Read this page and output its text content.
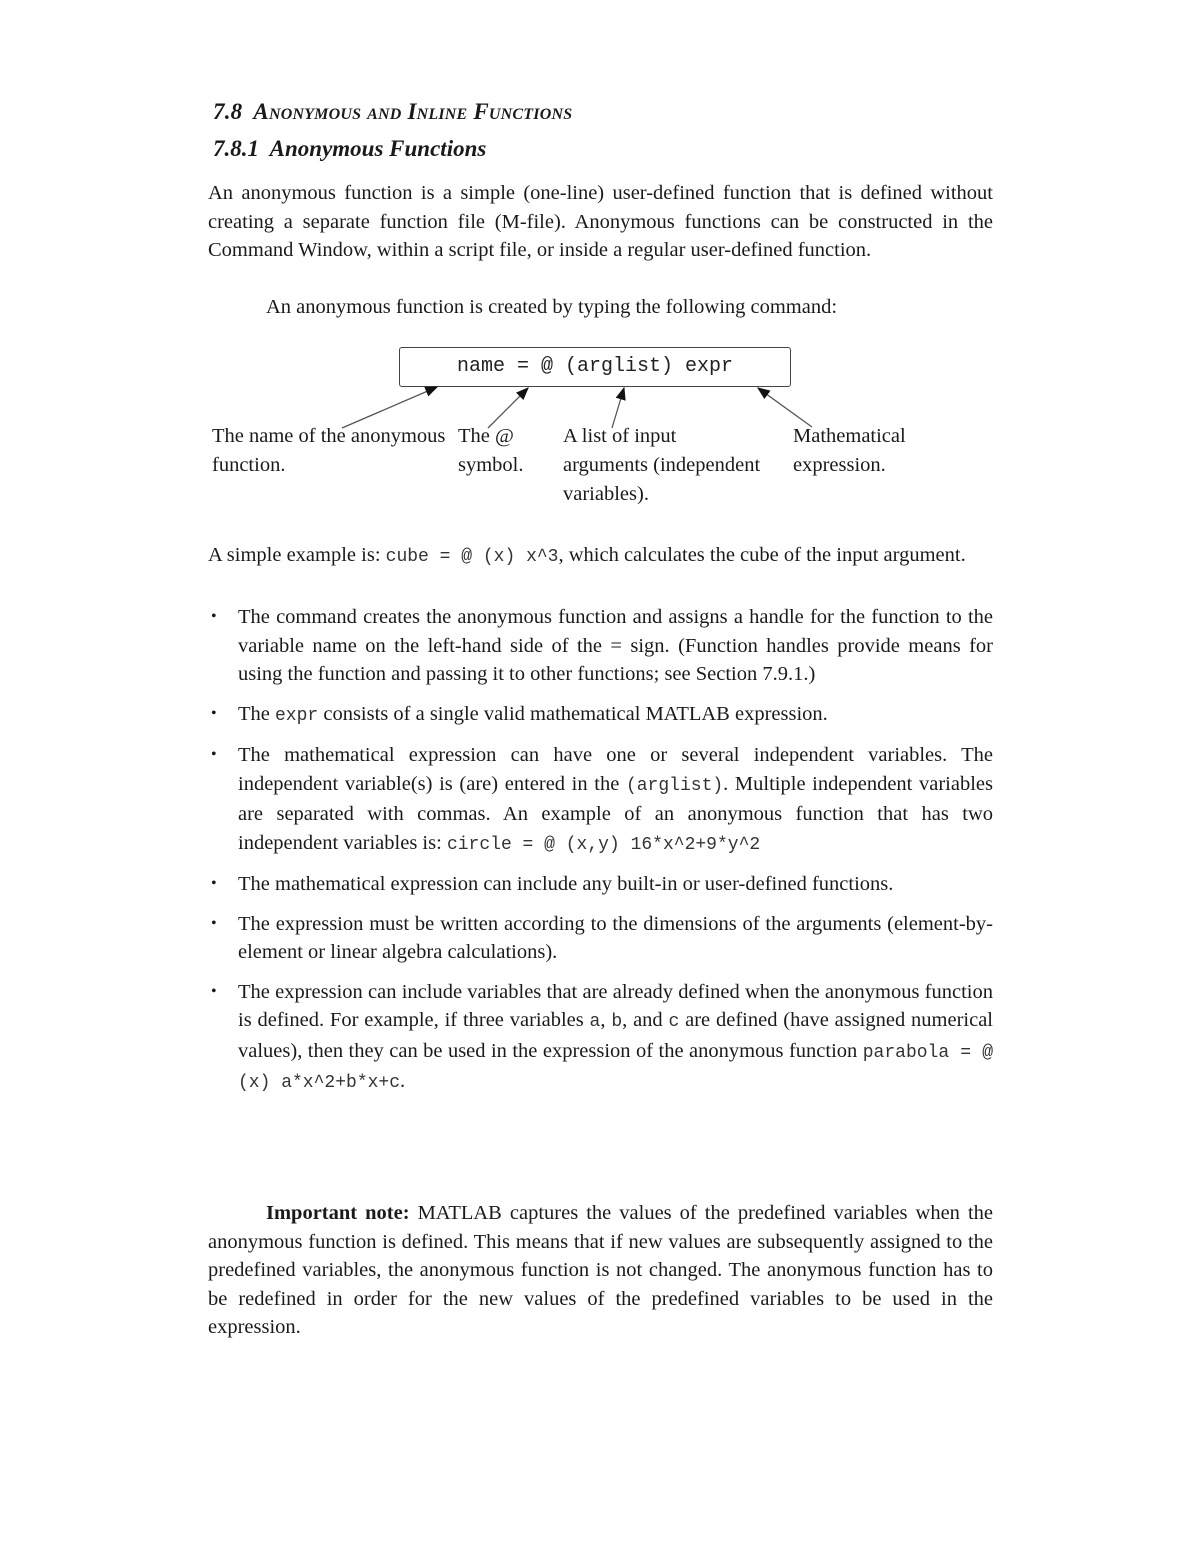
7.8 Anonymous and Inline Functions
7.8.1 Anonymous Functions

An anonymous function is a simple (one-line) user-defined function that is defined without creating a separate function file (M-file). Anonymous functions can be constructed in the Command Window, within a script file, or inside a regular user-defined function.

An anonymous function is created by typing the following command:

name = @ (arglist) expr
The name of the anonymous function.
The @ symbol.
A list of input arguments (independent variables).
Mathematical expression.

A simple example is: cube = @ (x) x^3, which calculates the cube of the input argument.

• The command creates the anonymous function and assigns a handle for the function to the variable name on the left-hand side of the = sign. (Function handles provide means for using the function and passing it to other functions; see Section 7.9.1.)
• The expr consists of a single valid mathematical MATLAB expression.
• The mathematical expression can have one or several independent variables. The independent variable(s) is (are) entered in the (arglist). Multiple independent variables are separated with commas. An example of an anonymous function that has two independent variables is: circle = @ (x,y) 16*x^2+9*y^2
• The mathematical expression can include any built-in or user-defined functions.
• The expression must be written according to the dimensions of the arguments (element-by-element or linear algebra calculations).
• The expression can include variables that are already defined when the anonymous function is defined. For example, if three variables a, b, and c are defined (have assigned numerical values), then they can be used in the expression of the anonymous function parabola = @ (x) a*x^2+b*x+c.

Important note: MATLAB captures the values of the predefined variables when the anonymous function is defined. This means that if new values are subsequently assigned to the predefined variables, the anonymous function is not changed. The anonymous function has to be redefined in order for the new values of the predefined variables to be used in the expression.
